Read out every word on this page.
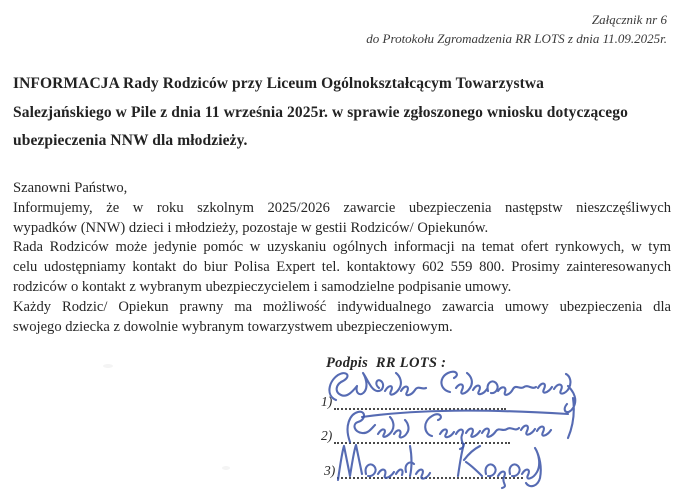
Załącznik nr 6
do Protokołu Zgromadzenia RR LOTS z dnia 11.09.2025r.
INFORMACJA Rady Rodziców przy Liceum Ogólnokształcącym Towarzystwa
Salezjańskiego w Pile z dnia 11 września 2025r. w sprawie zgłoszonego wniosku dotyczącego
ubezpieczenia NNW dla młodzieży.
Szanowni Państwo,
Informujemy, że w roku szkolnym 2025/2026 zawarcie ubezpieczenia następstw nieszczęśliwych
wypadków (NNW) dzieci i młodzieży, pozostaje w gestii Rodziców/ Opiekunów.
Rada Rodziców może jedynie pomóc w uzyskaniu ogólnych informacji na temat ofert rynkowych, w tym
celu udostępniamy kontakt do biur Polisa Expert tel. kontaktowy 602 559 800. Prosimy zainteresowanych
rodziców o kontakt z wybranym ubezpieczycielem i samodzielne podpisanie umowy.
Każdy Rodzic/ Opiekun prawny ma możliwość indywidualnego zawarcia umowy ubezpieczenia dla
swojego dziecka z dowolnie wybranym towarzystwem ubezpieczeniowym.
Podpis  RR LOTS :
1)
2)
3)
